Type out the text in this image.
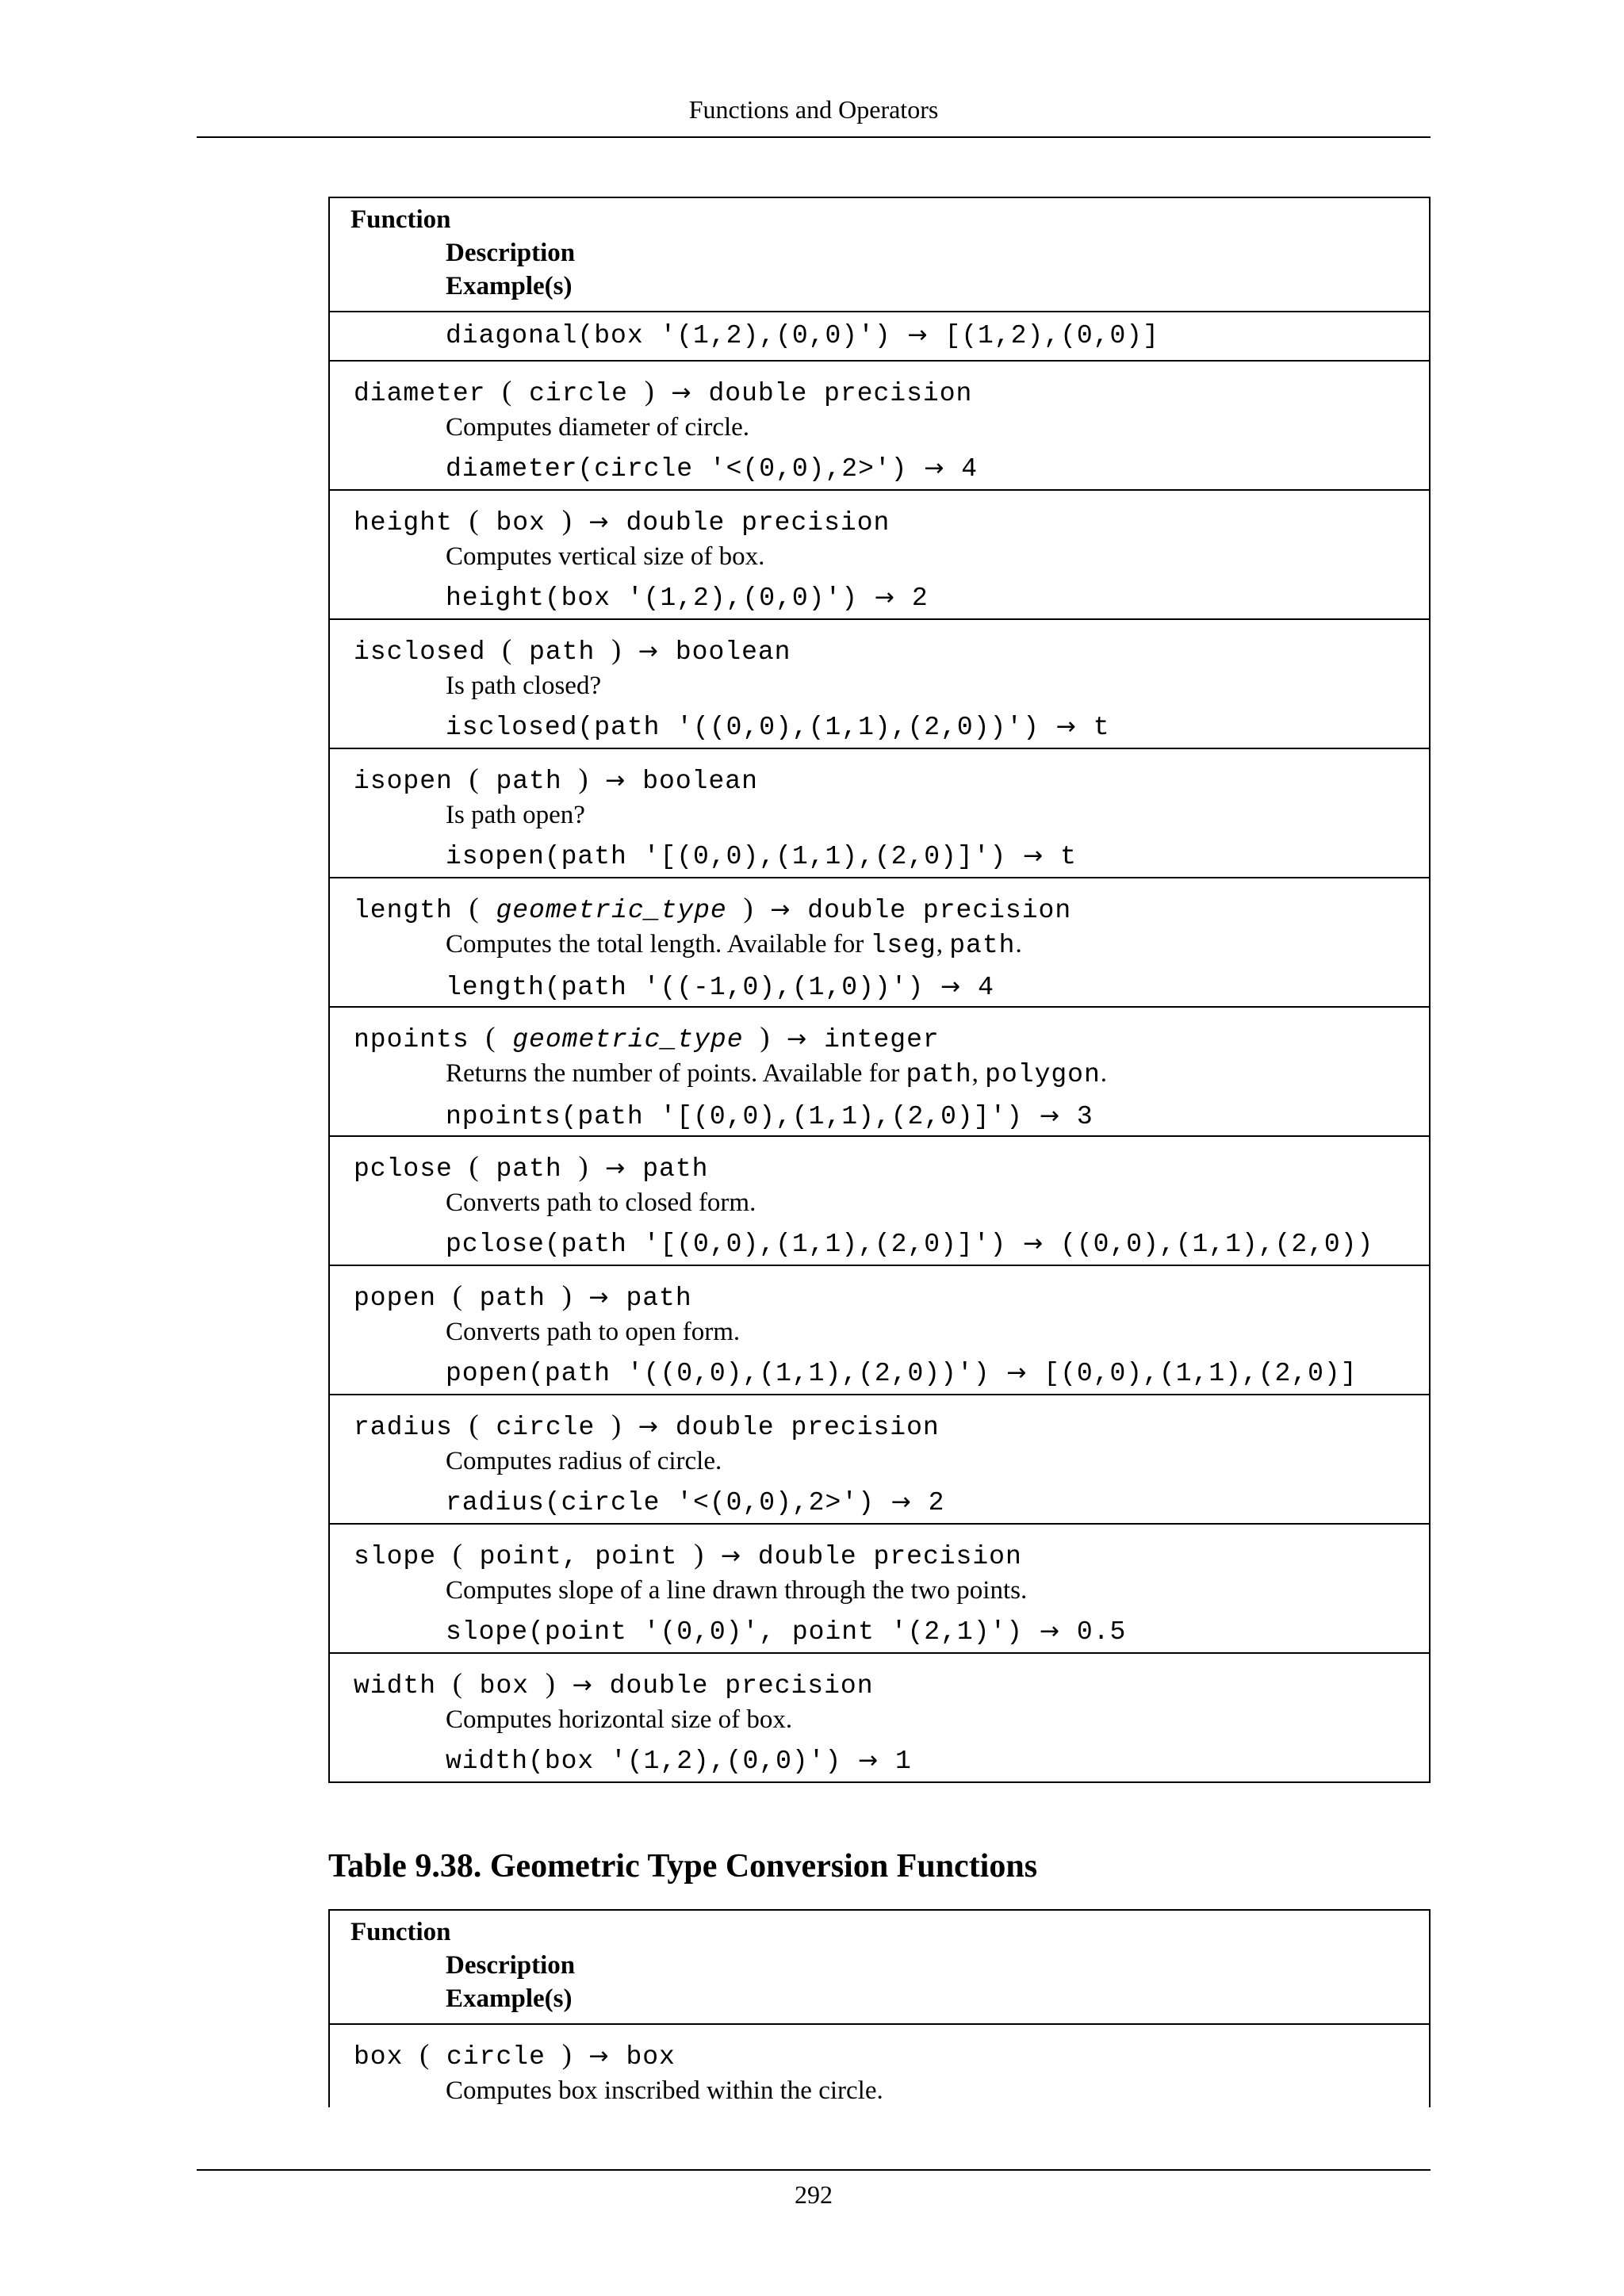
Functions and Operators
Function
Description
Example(s)

diagonal(box '(1,2),(0,0)') → [(1,2),(0,0)]

diameter ( circle ) → double precision
Computes diameter of circle.
diameter(circle '<(0,0),2>') → 4

height ( box ) → double precision
Computes vertical size of box.
height(box '(1,2),(0,0)') → 2

isclosed ( path ) → boolean
Is path closed?
isclosed(path '((0,0),(1,1),(2,0))') → t

isopen ( path ) → boolean
Is path open?
isopen(path '[(0,0),(1,1),(2,0)]') → t

length ( geometric_type ) → double precision
Computes the total length. Available for lseg, path.
length(path '((-1,0),(1,0))') → 4

npoints ( geometric_type ) → integer
Returns the number of points. Available for path, polygon.
npoints(path '[(0,0),(1,1),(2,0)]') → 3

pclose ( path ) → path
Converts path to closed form.
pclose(path '[(0,0),(1,1),(2,0)]') → ((0,0),(1,1),(2,0))

popen ( path ) → path
Converts path to open form.
popen(path '((0,0),(1,1),(2,0))') → [(0,0),(1,1),(2,0)]

radius ( circle ) → double precision
Computes radius of circle.
radius(circle '<(0,0),2>') → 2

slope ( point, point ) → double precision
Computes slope of a line drawn through the two points.
slope(point '(0,0)', point '(2,1)') → 0.5

width ( box ) → double precision
Computes horizontal size of box.
width(box '(1,2),(0,0)') → 1
Table 9.38. Geometric Type Conversion Functions
Function
Description
Example(s)

box ( circle ) → box
Computes box inscribed within the circle.
292
